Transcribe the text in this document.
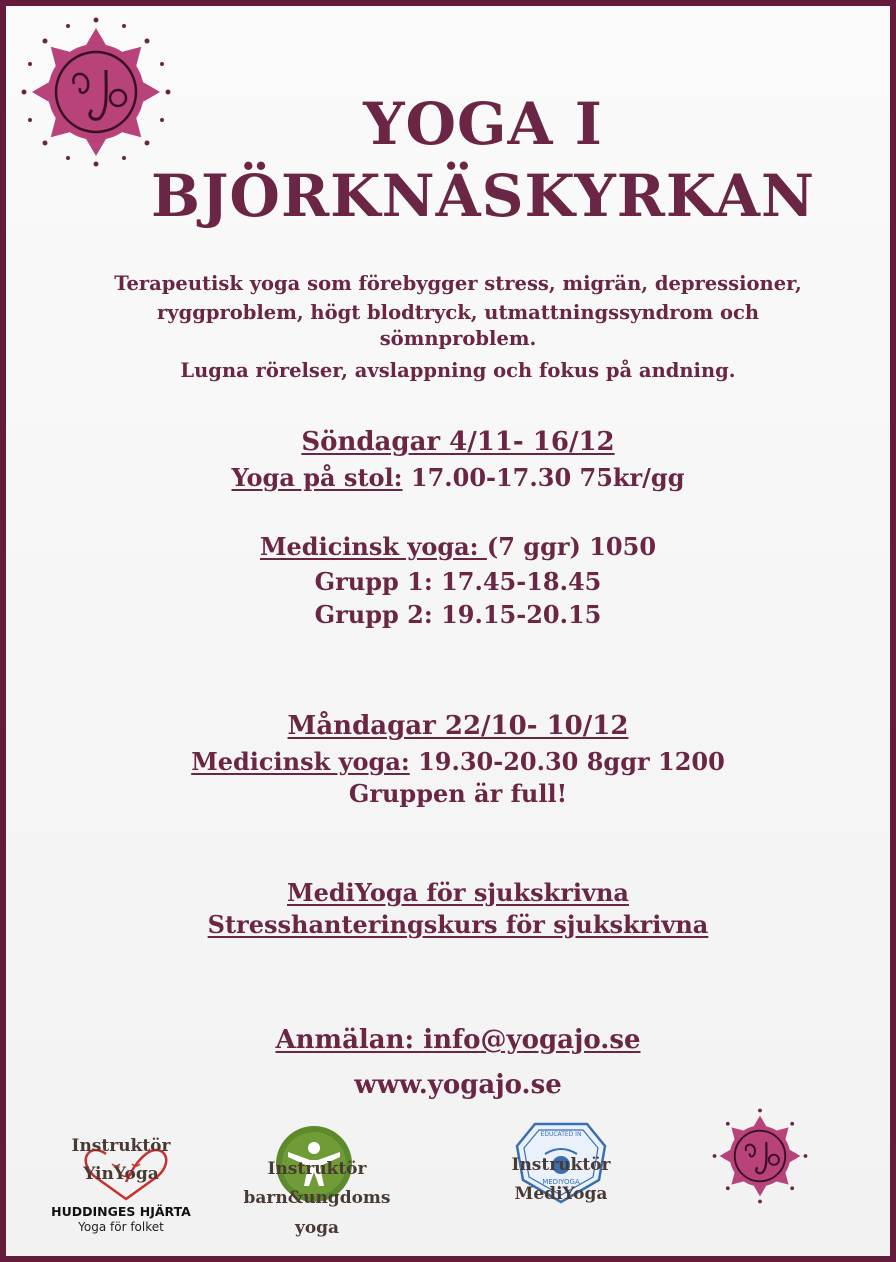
YOGA I
BJÖRKNÄSKYRKAN
Terapeutisk yoga som förebygger stress, migrän, depressioner,
ryggproblem, högt blodtryck, utmattningssyndrom och
sömnproblem.
Lugna rörelser, avslappning och fokus på andning.
Söndagar 4/11- 16/12
Yoga på stol: 17.00-17.30 75kr/gg
Medicinsk yoga: (7 ggr) 1050
Grupp 1: 17.45-18.45
Grupp 2: 19.15-20.15
Måndagar 22/10- 10/12
Medicinsk yoga: 19.30-20.30 8ggr 1200
Gruppen är full!
MediYoga för sjukskrivna
Stresshanteringskurs för sjukskrivna
Anmälan: info@yogajo.se
www.yogajo.se
Instruktör
YinYoga
HUDDINGES HJÄRTA
Yoga för folket
Instruktör
barn&ungdoms
yoga
EDUCATED IN
MEDIYOGA
Instruktör
MediYoga
